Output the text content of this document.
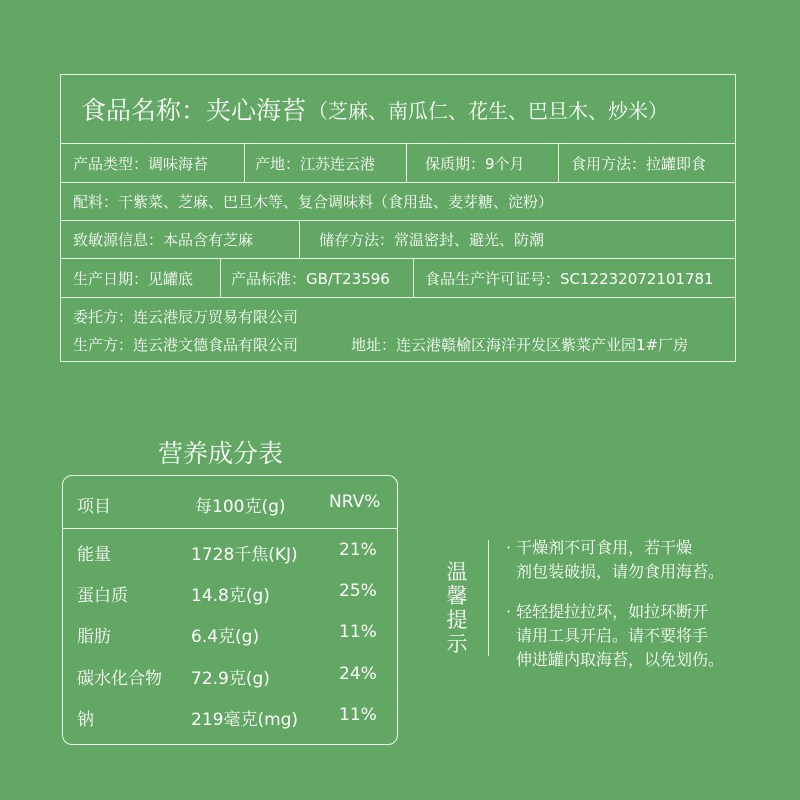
食品名称：夹心海苔 （芝麻、南瓜仁、花生、巴旦木、炒米）
产品类型：调味海苔	产地：江苏连云港	保质期：9个月	食用方法：拉罐即食
配料：干紫菜、芝麻、巴旦木等、复合调味料（食用盐、麦芽糖、淀粉）
致敏源信息：本品含有芝麻	储存方法：常温密封、避光、防潮
生产日期：见罐底	产品标准：GB/T23596 食品生产许可证号：SC12232072101781
委托方：连云港辰万贸易有限公司
生产方：连云港文德食品有限公司	地址：连云港赣榆区海洋开发区紫菜产业园1#厂房
营养成分表
项目	每100克(g)	NRV%
能量	1728千焦(KJ) 21%
蛋白质	14.8克(g)	25%
脂肪	6.4克(g)	11%
碳水化合物 72.9克(g)	24%
钠	219毫克(mg) 11%
温馨提示
· 干燥剂不可食用，若干燥
剂包装破损，请勿食用海苔。
· 轻轻提拉拉环，如拉环断开
请用工具开启。请不要将手
伸进罐内取海苔，以免划伤。
